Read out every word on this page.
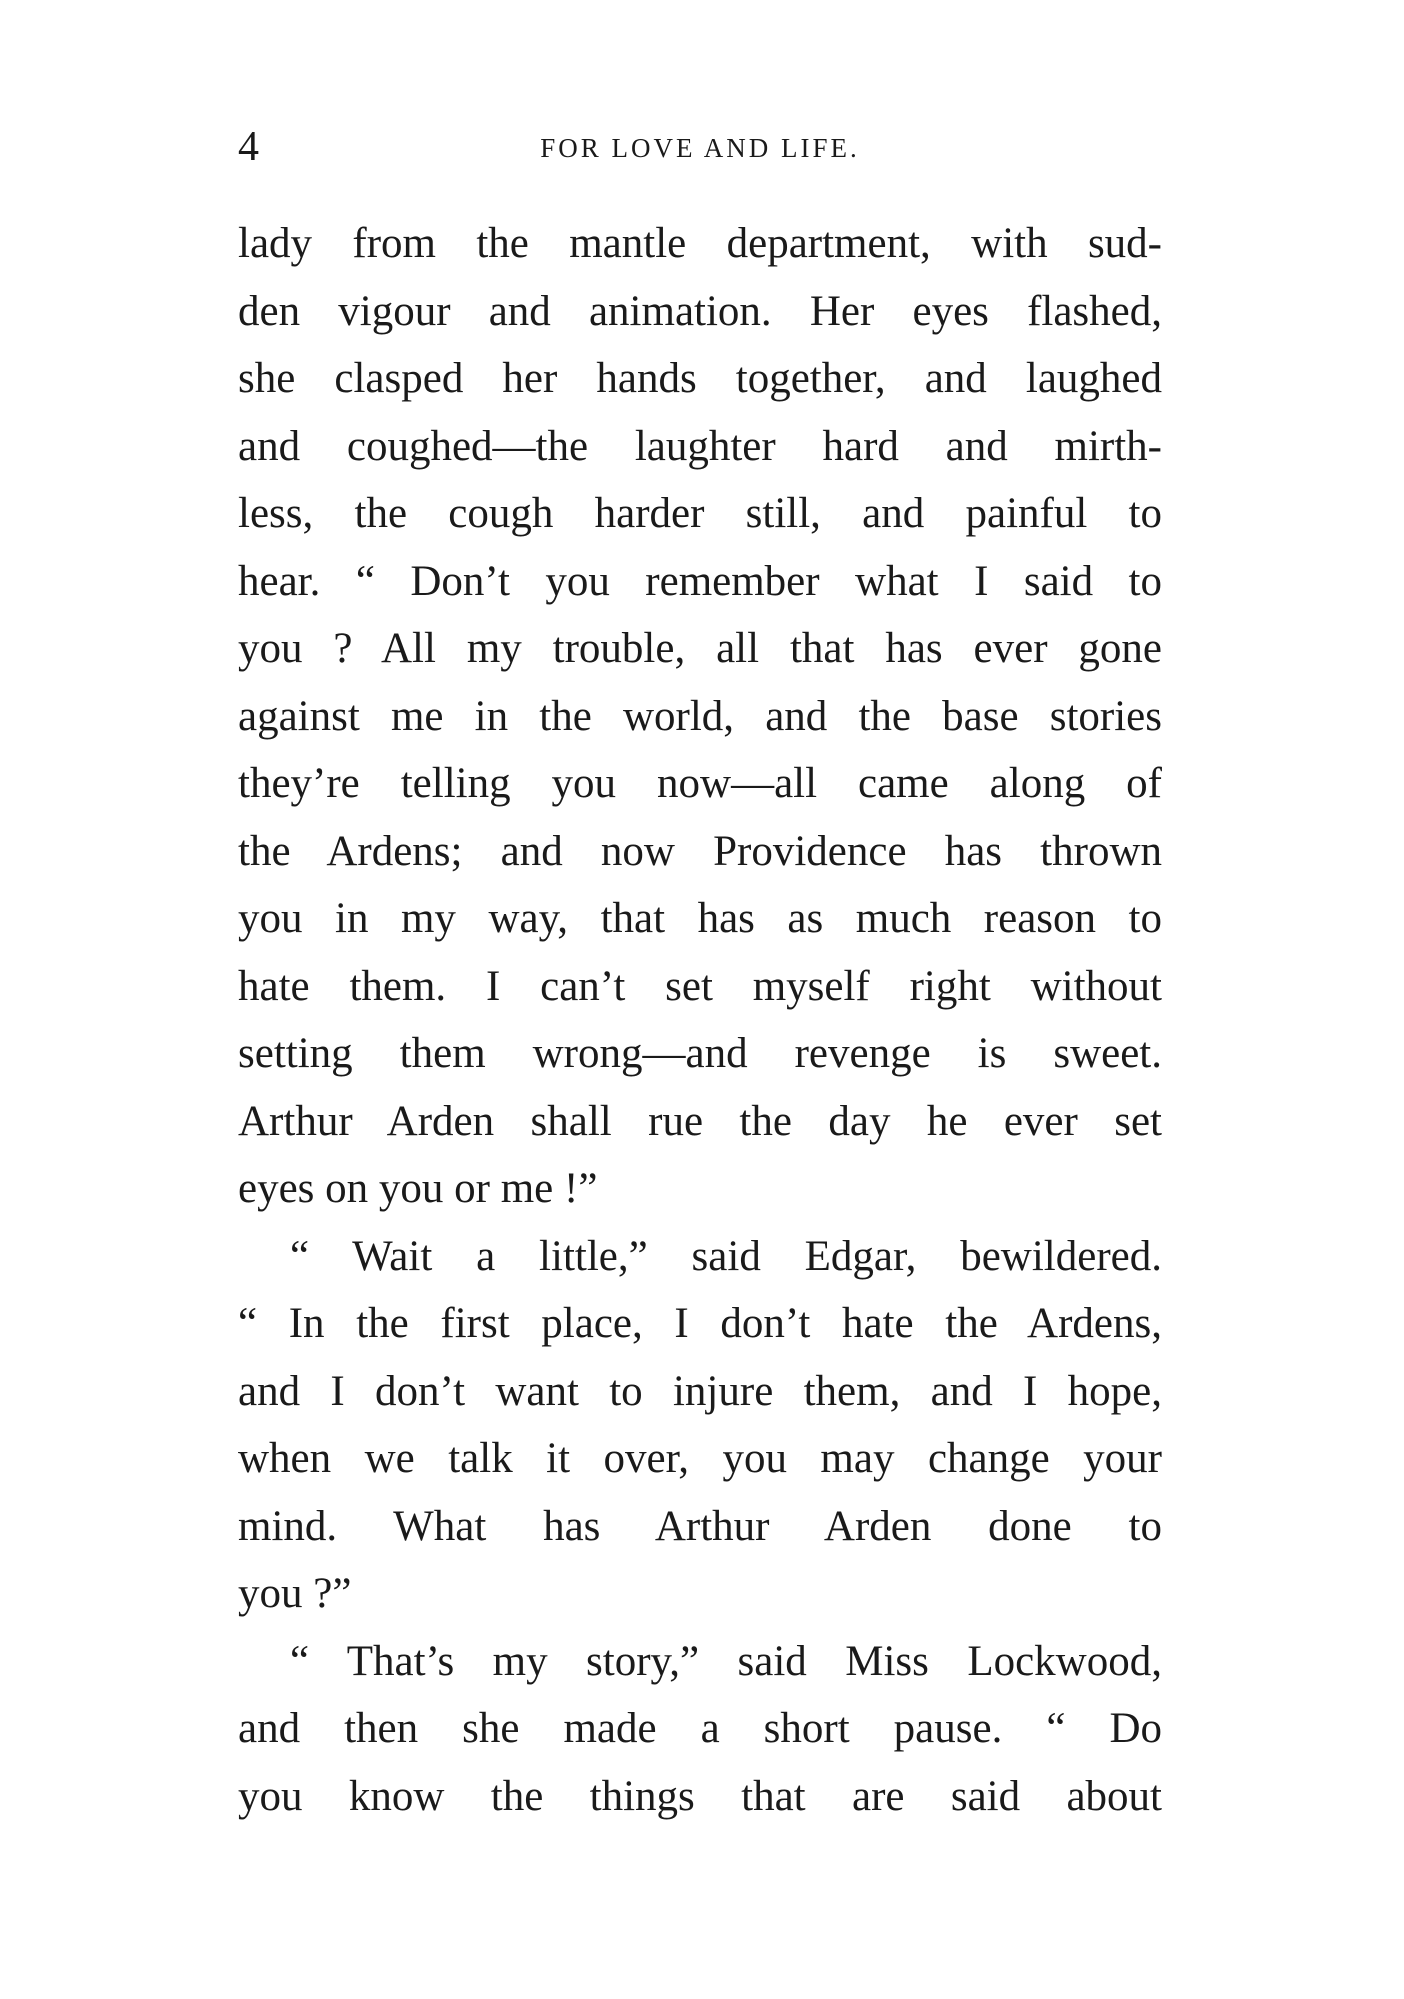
4	FOR LOVE AND LIFE.
lady from the mantle department, with sud-
den vigour and animation. Her eyes flashed,
she clasped her hands together, and laughed
and coughed—the laughter hard and mirth-
less, the cough harder still, and painful to
hear. “ Don’t you remember what I said to
you ? All my trouble, all that has ever gone
against me in the world, and the base stories
they’re telling you now—all came along of
the Ardens; and now Providence has thrown
you in my way, that has as much reason to
hate them. I can’t set myself right without
setting them wrong—and revenge is sweet.
Arthur Arden shall rue the day he ever set
eyes on you or me !”
“ Wait a little,” said Edgar, bewildered.
“ In the first place, I don’t hate the Ardens,
and I don’t want to injure them, and I hope,
when we talk it over, you may change your
mind. What has Arthur Arden done to
you ?”
“ That’s my story,” said Miss Lockwood,
and then she made a short pause. “ Do
you know the things that are said about
